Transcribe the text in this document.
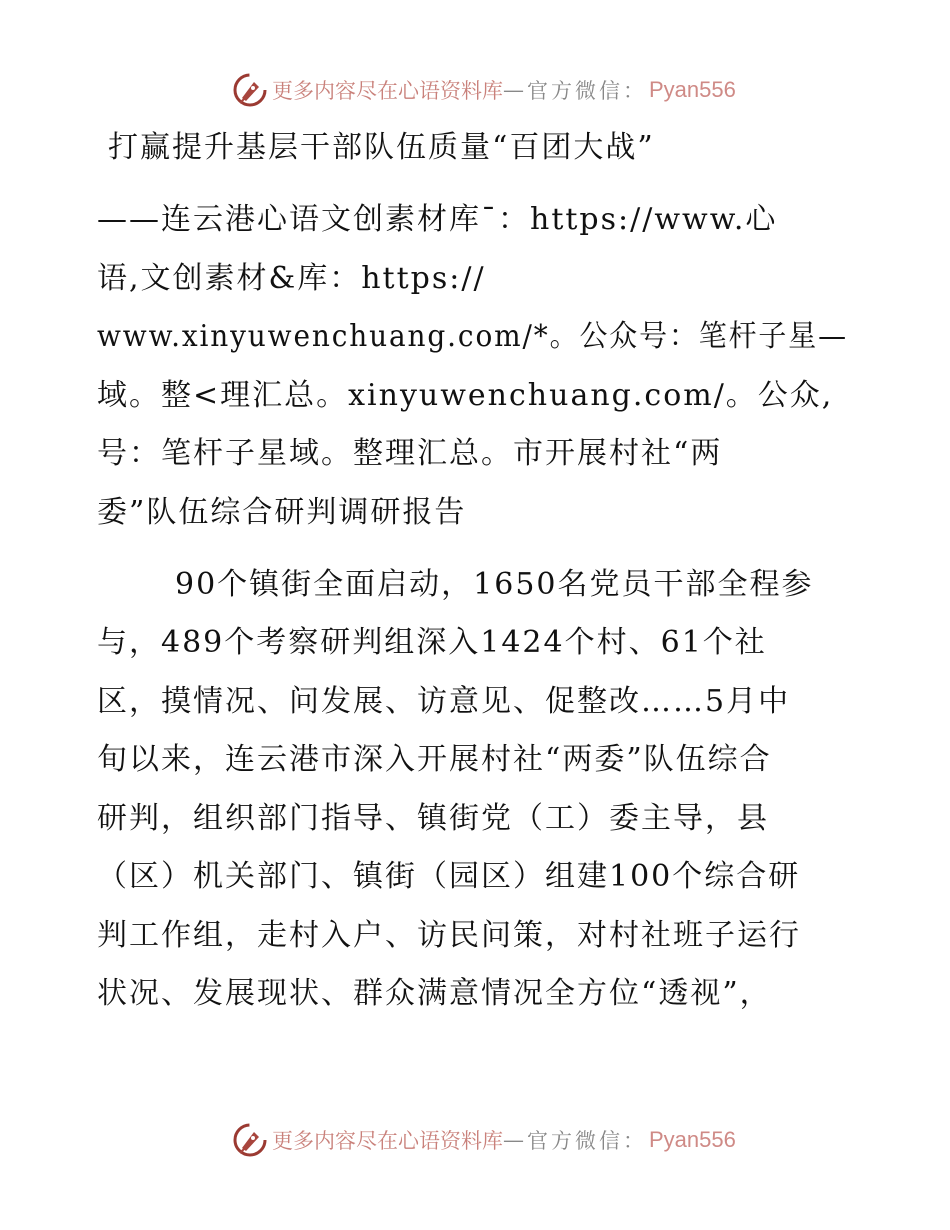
更多内容尽在心语资料库 — 官方微信： Pyan556
打赢提升基层干部队伍质量“百团大战”
——连云港心语文创素材库¯：https://www.心
语,文创素材&库：https://
www.xinyuwenchuang.com/*。公众号：笔杆子星—
域。整<理汇总。xinyuwenchuang.com/。公众,
号：笔杆子星域。整理汇总。市开展村社“两
委”队伍综合研判调研报告
90个镇街全面启动，1650名党员干部全程参
与，489个考察研判组深入1424个村、61个社
区，摸情况、问发展、访意见、促整改……5月中
旬以来，连云港市深入开展村社“两委”队伍综合
研判，组织部门指导、镇街党（工）委主导，县
（区）机关部门、镇街（园区）组建100个综合研
判工作组，走村入户、访民问策，对村社班子运行
状况、发展现状、群众满意情况全方位“透视”，
更多内容尽在心语资料库 — 官方微信： Pyan556
